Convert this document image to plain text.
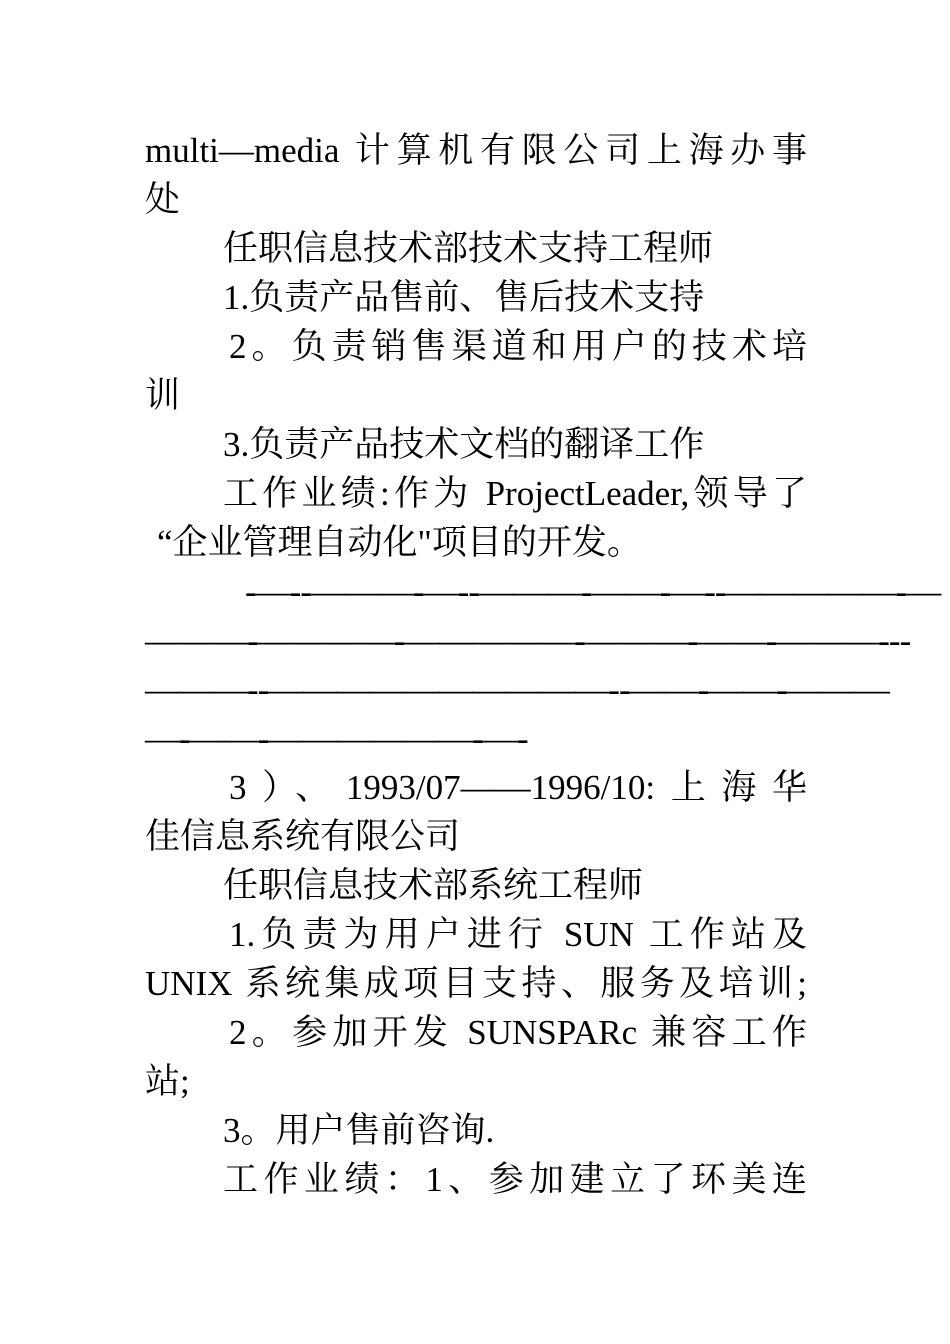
multi—media 计算机有限公司上海办事
处
任职信息技术部技术支持工程师
1.负责产品售前、售后技术支持
2。负责销售渠道和用户的技术培
训
3.负责产品技术文档的翻译工作
工作业绩:作为 ProjectLeader,领导了
“企业管理自动化"项目的开发。
-—--———-—--———-——-—--—————-—
———-————-—————-———-——-———---
———--——————————--——-——-———
—-——-——————-—-
3）、1993/07——1996/10:上海华
佳信息系统有限公司
任职信息技术部系统工程师
1.负责为用户进行 SUN 工作站及
UNIX 系统集成项目支持、服务及培训;
2。参加开发 SUNSPARc 兼容工作
站;
3。用户售前咨询.
工作业绩：1、参加建立了环美连
